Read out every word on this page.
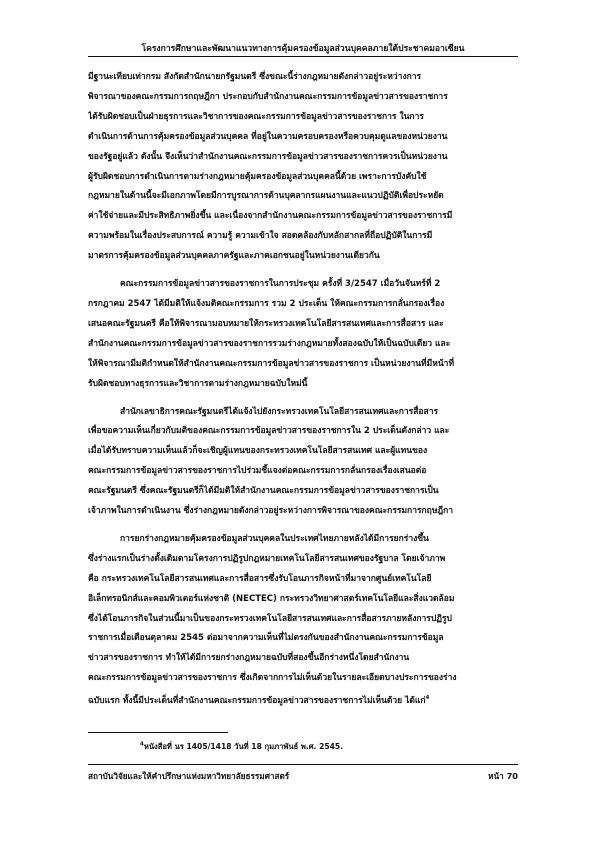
โครงการศึกษาและพัฒนาแนวทางการคุ้มครองข้อมูลส่วนบุคคลภายใต้ประชาคมอาเซียน

มีฐานะเทียบเท่ากรม สังกัดสำนักนายกรัฐมนตรี ซึ่งขณะนี้ร่างกฎหมายดังกล่าวอยู่ระหว่างการ

พิจารณาของคณะกรรมการกฤษฎีกา ประกอบกับสำนักงานคณะกรรมการข้อมูลข่าวสารของราชการ

ได้รับผิดชอบเป็นฝ่ายธุรการและวิชาการของคณะกรรมการข้อมูลข่าวสารของราชการ ในการ

ดำเนินการด้านการคุ้มครองข้อมูลส่วนบุคคล ที่อยู่ในความครอบครองหรือควบคุมดูแลของหน่วยงาน

ของรัฐอยู่แล้ว ดังนั้น จึงเห็นว่าสำนักงานคณะกรรมการข้อมูลข่าวสารของราชการควรเป็นหน่วยงาน

ผู้รับผิดชอบการดำเนินการตามร่างกฎหมายคุ้มครองข้อมูลส่วนบุคคลนี้ด้วย เพราะการบังคับใช้

กฎหมายในด้านนี้จะมีเอกภาพโดยมีการบูรณาการด้านบุคลากรแผนงานและแนวปฏิบัติเพื่อประหยัด

ค่าใช้จ่ายและมีประสิทธิภาพยิ่งขึ้น และเนื่องจากสำนักงานคณะกรรมการข้อมูลข่าวสารของราชการมี

ความพร้อมในเรื่องประสบการณ์ ความรู้ ความเข้าใจ สอดคล้องกับหลักสากลที่ถือปฏิบัติในการมี

มาตรการคุ้มครองข้อมูลส่วนบุคคลภาครัฐและภาคเอกชนอยู่ในหน่วยงานเดียวกัน

คณะกรรมการข้อมูลข่าวสารของราชการในการประชุม ครั้งที่ 3/2547 เมื่อวันจันทร์ที่ 2

กรกฎาคม 2547 ได้มีมติให้แจ้งมติคณะกรรมการ รวม 2 ประเด็น ให้คณะกรรมการกลั่นกรองเรื่อง

เสนอคณะรัฐมนตรี คือให้พิจารณามอบหมายให้กระทรวงเทคโนโลยีสารสนเทศและการสื่อสาร และ

สำนักงานคณะกรรมการข้อมูลข่าวสารของราชการรวมร่างกฎหมายทั้งสองฉบับให้เป็นฉบับเดียว และ

ให้พิจารณามีมติกำหนดให้สำนักงานคณะกรรมการข้อมูลข่าวสารของราชการ เป็นหน่วยงานที่มีหน้าที่

รับผิดชอบทางธุรการและวิชาการตามร่างกฎหมายฉบับใหม่นี้

สำนักเลขาธิการคณะรัฐมนตรีได้แจ้งไปยังกระทรวงเทคโนโลยีสารสนเทศและการสื่อสาร

เพื่อขอความเห็นเกี่ยวกับมติของคณะกรรมการข้อมูลข่าวสารของราชการใน 2 ประเด็นดังกล่าว และ

เมื่อได้รับทราบความเห็นแล้วก็จะเชิญผู้แทนของกระทรวงเทคโนโลยีสารสนเทศ และผู้แทนของ

คณะกรรมการข้อมูลข่าวสารของราชการไปร่วมชี้แจงต่อคณะกรรมการกลั่นกรองเรื่องเสนอต่อ

คณะรัฐมนตรี ซึ่งคณะรัฐมนตรีก็ได้มีมติให้สำนักงานคณะกรรมการข้อมูลข่าวสารของราชการเป็น

เจ้าภาพในการดำเนินงาน ซึ่งร่างกฎหมายดังกล่าวอยู่ระหว่างการพิจารณาของคณะกรรมการกฤษฎีกา

การยกร่างกฎหมายคุ้มครองข้อมูลส่วนบุคคลในประเทศไทยภายหลังได้มีการยกร่างขึ้น

ซึ่งร่างแรกเป็นร่างดั้งเดิมตามโครงการปฏิรูปกฎหมายเทคโนโลยีสารสนเทศของรัฐบาล โดยเจ้าภาพ

คือ กระทรวงเทคโนโลยีสารสนเทศและการสื่อสารซึ่งรับโอนภารกิจหน้าที่มาจากศูนย์เทคโนโลยี

อิเล็กทรอนิกส์และคอมพิวเตอร์แห่งชาติ (NECTEC) กระทรวงวิทยาศาสตร์เทคโนโลยีและสิ่งแวดล้อม

ซึ่งได้โอนภารกิจในส่วนนี้มาเป็นของกระทรวงเทคโนโลยีสารสนเทศและการสื่อสารภายหลังการปฏิรูป

ราชการเมื่อเดือนตุลาคม 2545 ต่อมาจากความเห็นที่ไม่ตรงกันของสำนักงานคณะกรรมการข้อมูล

ข่าวสารของราชการ ทำให้ได้มีการยกร่างกฎหมายฉบับที่สองขึ้นอีกร่างหนึ่งโดยสำนักงาน

คณะกรรมการข้อมูลข่าวสารของราชการ ซึ่งเกิดจากการไม่เห็นด้วยในรายละเอียดบางประการของร่าง

ฉบับแรก ทั้งนี้มีประเด็นที่สำนักงานคณะกรรมการข้อมูลข่าวสารของราชการไม่เห็นด้วย ได้แก่$^4$

$^4$หนังสือที่ นร 1405/1418 วันที่ 18 กุมภาพันธ์ พ.ศ. 2545.
สถาบันวิจัยและให้คำปรึกษาแห่งมหาวิทยาลัยธรรมศาสตร์	หน้า 70
